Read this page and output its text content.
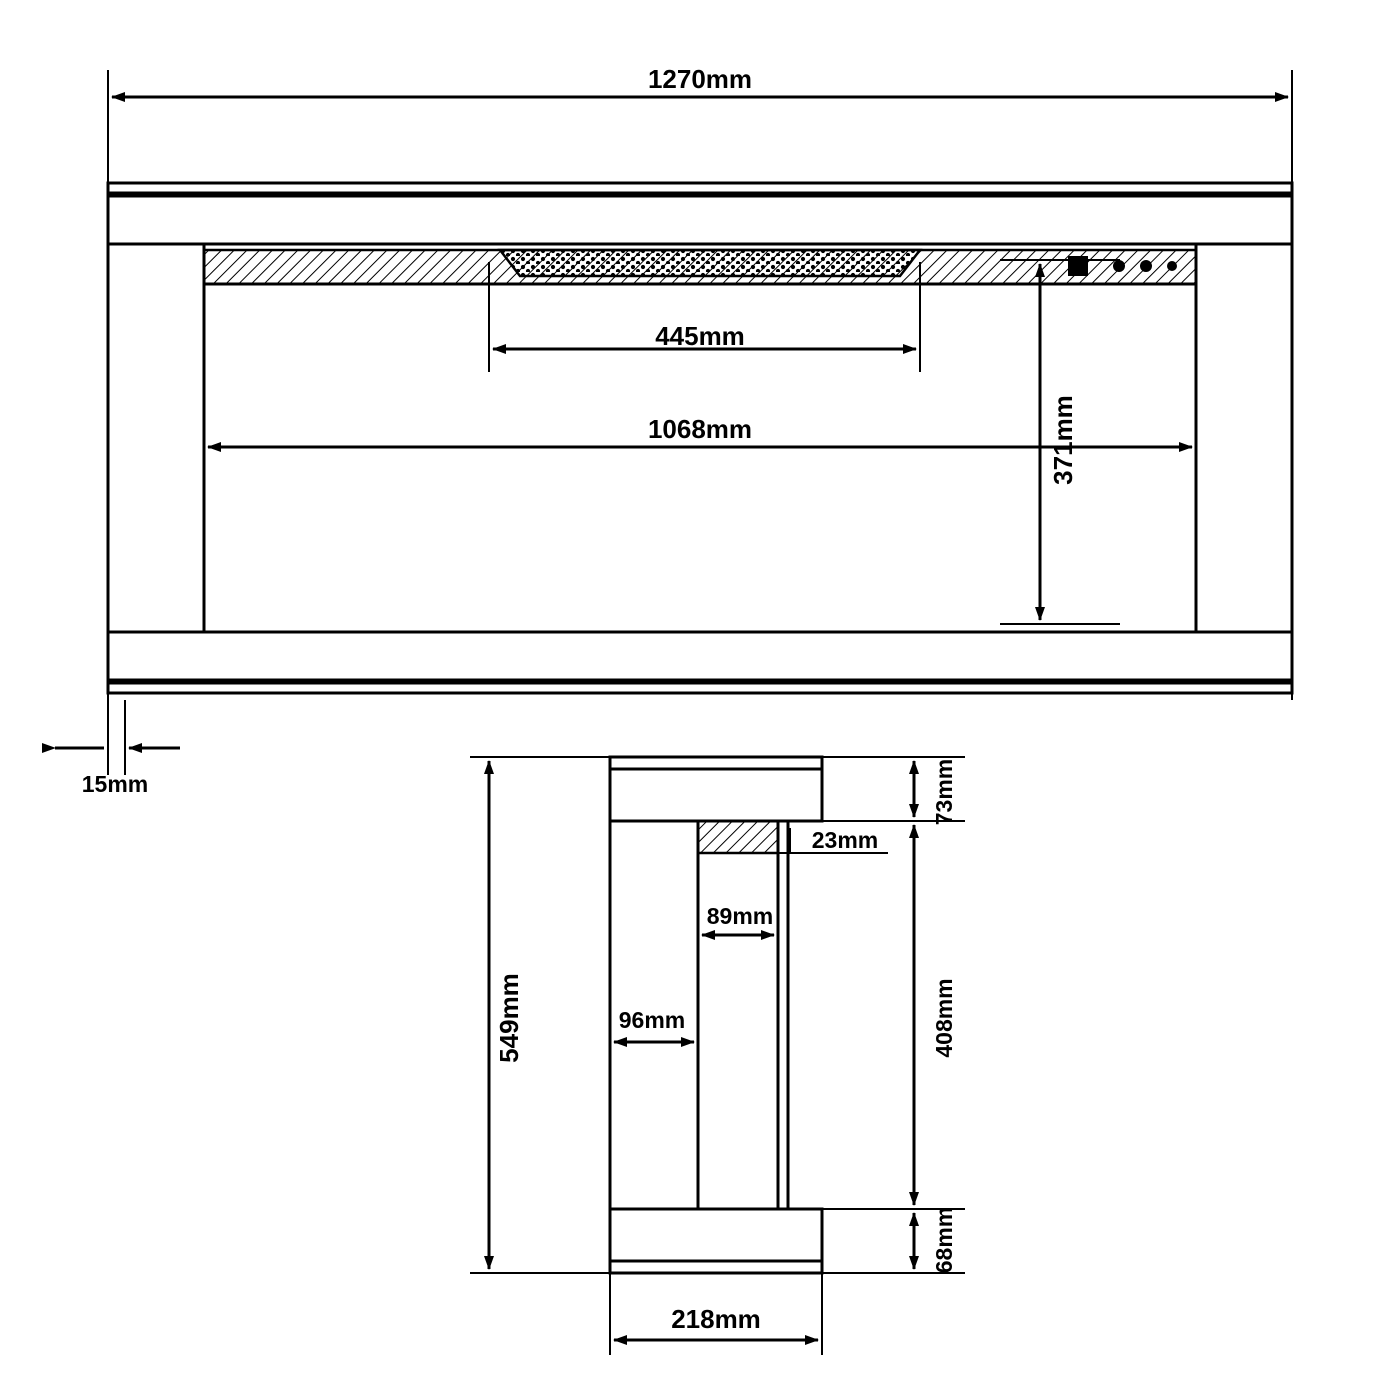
1270mm
445mm
1068mm	371mm
15mm
549mm
73mm
23mm
408mm
68mm
89mm
96mm
218mm
